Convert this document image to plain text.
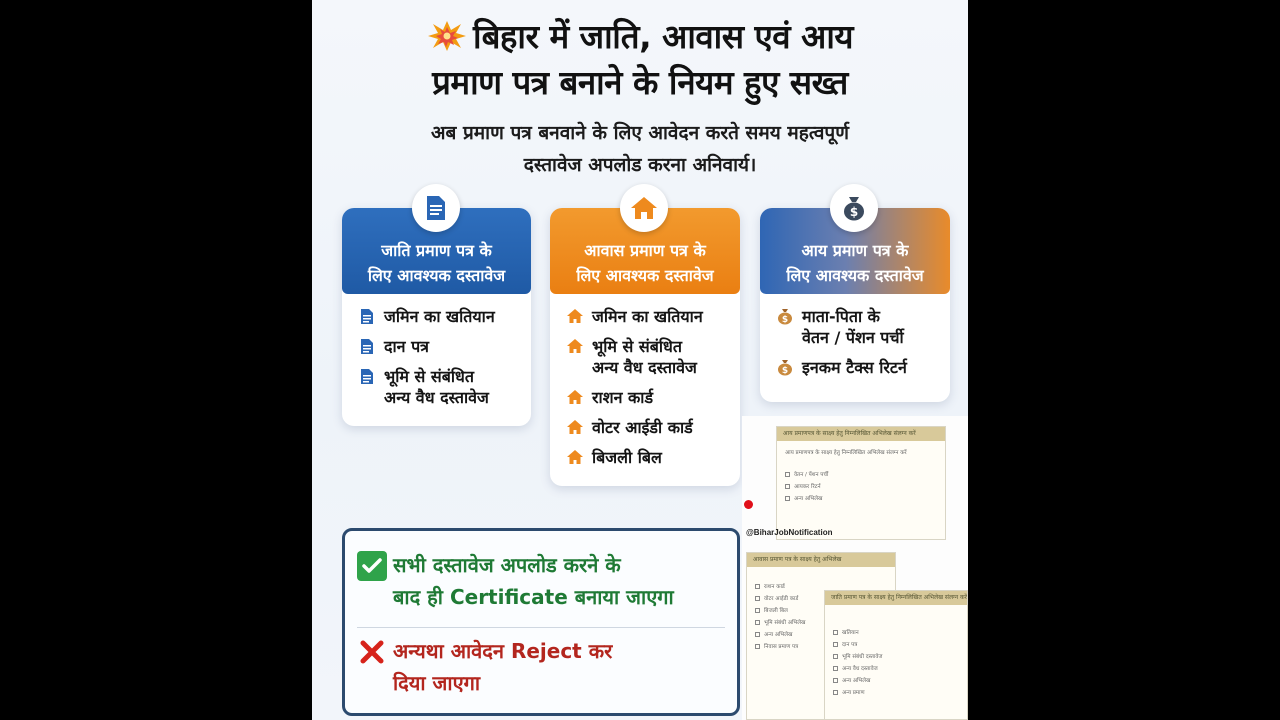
बिहार में जाति, आवास एवं आय
प्रमाण पत्र बनाने के नियम हुए सख्त
अब प्रमाण पत्र बनवाने के लिए आवेदन करते समय महत्वपूर्ण
दस्तावेज अपलोड करना अनिवार्य।
जाति प्रमाण पत्र के
लिए आवश्यक दस्तावेज
जमिन का खतियान
दान पत्र
भूमि से संबंधित
अन्य वैध दस्तावेज
आवास प्रमाण पत्र के
लिए आवश्यक दस्तावेज
जमिन का खतियान
भूमि से संबंधित
अन्य वैध दस्तावेज
राशन कार्ड
वोटर आईडी कार्ड
बिजली बिल
आय प्रमाण पत्र के
लिए आवश्यक दस्तावेज
$ माता-पिता के
वेतन / पेंशन पर्ची
$ इनकम टैक्स रिटर्न
$
सभी दस्तावेज अपलोड करने के
बाद ही Certificate बनाया जाएगा
अन्यथा आवेदन Reject कर
दिया जाएगा
आय प्रमाणपत्र के साक्ष्य हेतु निम्नलिखित अभिलेख संलग्न करें
आय प्रमाणपत्र के साक्ष्य हेतु निम्नलिखित अभिलेख संलग्न करें
वेतन / पेंशन पर्ची
आयकर रिटर्न
अन्य अभिलेख
@BiharJobNotification
आवास प्रमाण पत्र के साक्ष्य हेतु अभिलेख
राशन कार्ड
वोटर आईडी कार्ड
बिजली बिल
भूमि संबंधी अभिलेख
अन्य अभिलेख
निवास प्रमाण पत्र
जाति प्रमाण पत्र के साक्ष्य हेतु निम्नलिखित अभिलेख संलग्न करें
खतियान
दान पत्र
भूमि संबंधी दस्तावेज
अन्य वैध दस्तावेज
अन्य अभिलेख
अन्य प्रमाण
